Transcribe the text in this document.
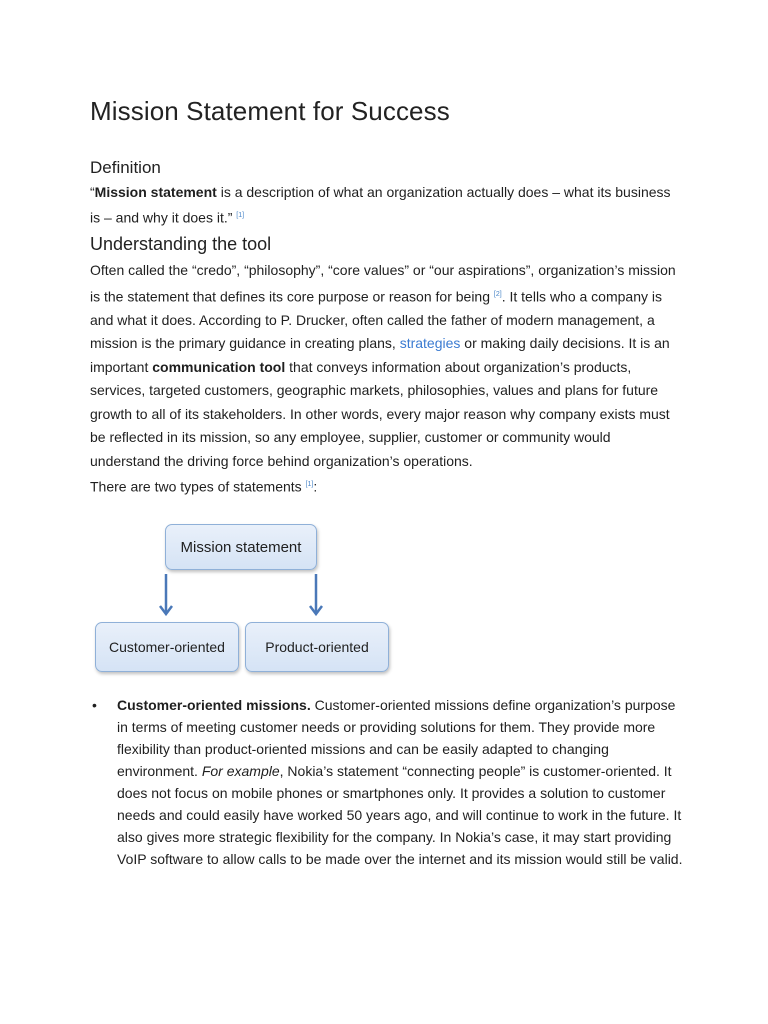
Mission Statement for Success
Definition

“Mission statement is a description of what an organization actually does – what its business is – and why it does it.” [1]

Understanding the tool

Often called the “credo”, “philosophy”, “core values” or “our aspirations”, organization’s mission is the statement that defines its core purpose or reason for being [2]. It tells who a company is and what it does. According to P. Drucker, often called the father of modern management, a mission is the primary guidance in creating plans, strategies or making daily decisions. It is an important communication tool that conveys information about organization’s products, services, targeted customers, geographic markets, philosophies, values and plans for future growth to all of its stakeholders. In other words, every major reason why company exists must be reflected in its mission, so any employee, supplier, customer or community would understand the driving force behind organization’s operations.
There are two types of statements [1]:

Mission statement
Customer-oriented	Product-oriented
• Customer-oriented missions. Customer-oriented missions define organization’s purpose in terms of meeting customer needs or providing solutions for them. They provide more flexibility than product-oriented missions and can be easily adapted to changing environment. For example, Nokia’s statement “connecting people” is customer-oriented. It does not focus on mobile phones or smartphones only. It provides a solution to customer needs and could easily have worked 50 years ago, and will continue to work in the future. It also gives more strategic flexibility for the company. In Nokia’s case, it may start providing VoIP software to allow calls to be made over the internet and its mission would still be valid.
